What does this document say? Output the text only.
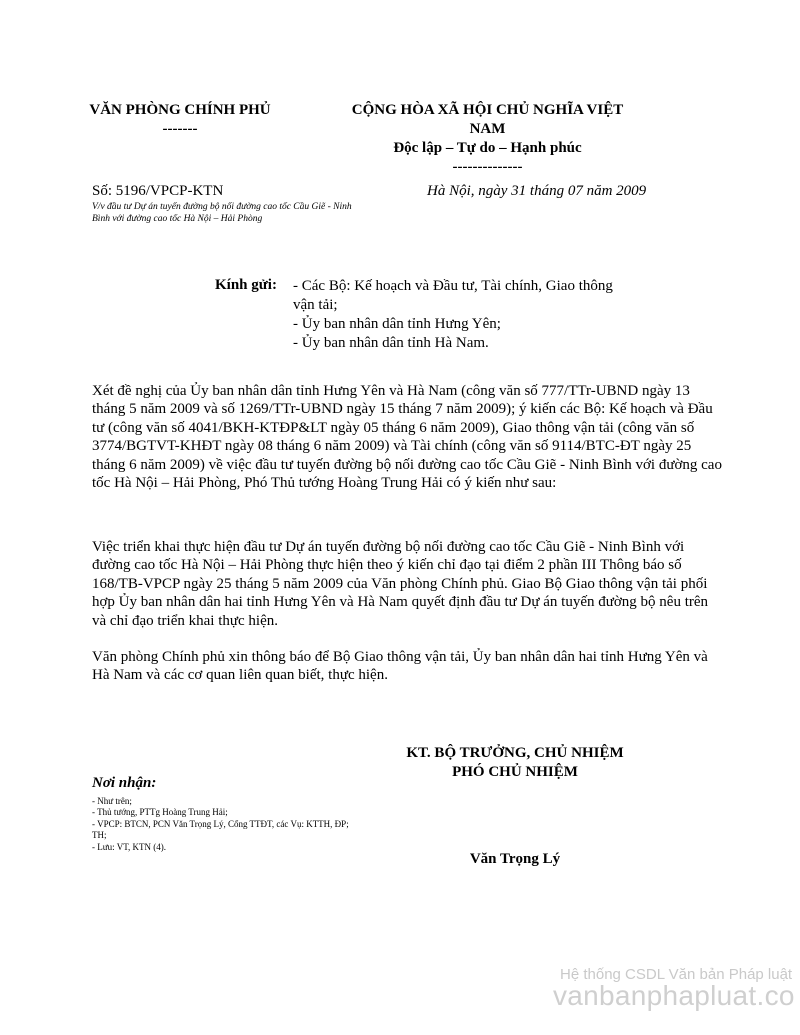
VĂN PHÒNG CHÍNH PHỦ
-------
CỘNG HÒA XÃ HỘI CHỦ NGHĨA VIỆT
NAM
Độc lập – Tự do – Hạnh phúc
--------------
Số: 5196/VPCP-KTN
V/v đầu tư Dự án tuyến đường bộ nối đường cao tốc Cầu Giẽ - Ninh Bình với đường cao tốc Hà Nội – Hải Phòng
Hà Nội, ngày 31 tháng 07 năm 2009
Kính gửi: - Các Bộ: Kế hoạch và Đầu tư, Tài chính, Giao thông vận tải;
- Ủy ban nhân dân tỉnh Hưng Yên;
- Ủy ban nhân dân tỉnh Hà Nam.
Xét đề nghị của Ủy ban nhân dân tỉnh Hưng Yên và Hà Nam (công văn số 777/TTr-UBND ngày 13 tháng 5 năm 2009 và số 1269/TTr-UBND ngày 15 tháng 7 năm 2009); ý kiến các Bộ: Kế hoạch và Đầu tư (công văn số 4041/BKH-KTĐP&LT ngày 05 tháng 6 năm 2009), Giao thông vận tải (công văn số 3774/BGTVT-KHĐT ngày 08 tháng 6 năm 2009) và Tài chính (công văn số 9114/BTC-ĐT ngày 25 tháng 6 năm 2009) về việc đầu tư tuyến đường bộ nối đường cao tốc Cầu Giẽ - Ninh Bình với đường cao tốc Hà Nội – Hải Phòng, Phó Thủ tướng Hoàng Trung Hải có ý kiến như sau:
Việc triển khai thực hiện đầu tư Dự án tuyến đường bộ nối đường cao tốc Cầu Giẽ - Ninh Bình với đường cao tốc Hà Nội – Hải Phòng thực hiện theo ý kiến chỉ đạo tại điểm 2 phần III Thông báo số 168/TB-VPCP ngày 25 tháng 5 năm 2009 của Văn phòng Chính phủ. Giao Bộ Giao thông vận tải phối hợp Ủy ban nhân dân hai tỉnh Hưng Yên và Hà Nam quyết định đầu tư Dự án tuyến đường bộ nêu trên và chỉ đạo triển khai thực hiện.
Văn phòng Chính phủ xin thông báo để Bộ Giao thông vận tải, Ủy ban nhân dân hai tỉnh Hưng Yên và Hà Nam và các cơ quan liên quan biết, thực hiện.
KT. BỘ TRƯỞNG, CHỦ NHIỆM
PHÓ CHỦ NHIỆM
Văn Trọng Lý
Nơi nhận:
- Như trên;
- Thủ tướng, PTTg Hoàng Trung Hải;
- VPCP: BTCN, PCN Văn Trọng Lý, Cổng TTĐT, các Vụ: KTTH, ĐP; TH;
- Lưu: VT, KTN (4).
Hệ thống CSDL Văn bản Pháp luật
vanbanphapluat.co
